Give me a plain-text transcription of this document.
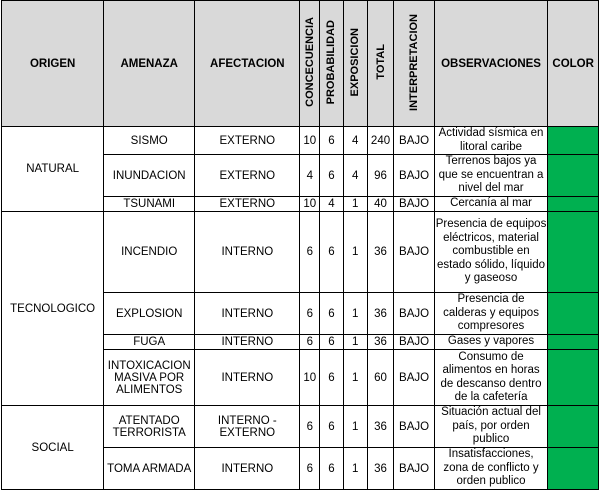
ORIGEN	AMENAZA	AFECTACION	CONCECUENCIA	PROBABILIDAD	EXPOSICION	TOTAL	INTERPRETACION	OBSERVACIONES	COLOR
NATURAL	SISMO	EXTERNO	10	6	4	240	BAJO	Actividad sísmica en litoral caribe	
	INUNDACION	EXTERNO	4	6	4	96	BAJO	Terrenos bajos ya que se encuentran a nivel del mar	
	TSUNAMI	EXTERNO	10	4	1	40	BAJO	Cercanía al mar	
TECNOLOGICO	INCENDIO	INTERNO	6	6	1	36	BAJO	Presencia de equipos eléctricos, material combustible en estado sólido, líquido y gaseoso	
	EXPLOSION	INTERNO	6	6	1	36	BAJO	Presencia de calderas y equipos compresores	
	FUGA	INTERNO	6	6	1	36	BAJO	Gases y vapores	
	INTOXICACION MASIVA POR ALIMENTOS	INTERNO	10	6	1	60	BAJO	Consumo de alimentos en horas de descanso dentro de la cafetería	
SOCIAL	ATENTADO TERRORISTA	INTERNO - EXTERNO	6	6	1	36	BAJO	Situación actual del país, por orden publico	
	TOMA ARMADA	INTERNO	6	6	1	36	BAJO	Insatisfacciones, zona de conflicto y orden publico	
